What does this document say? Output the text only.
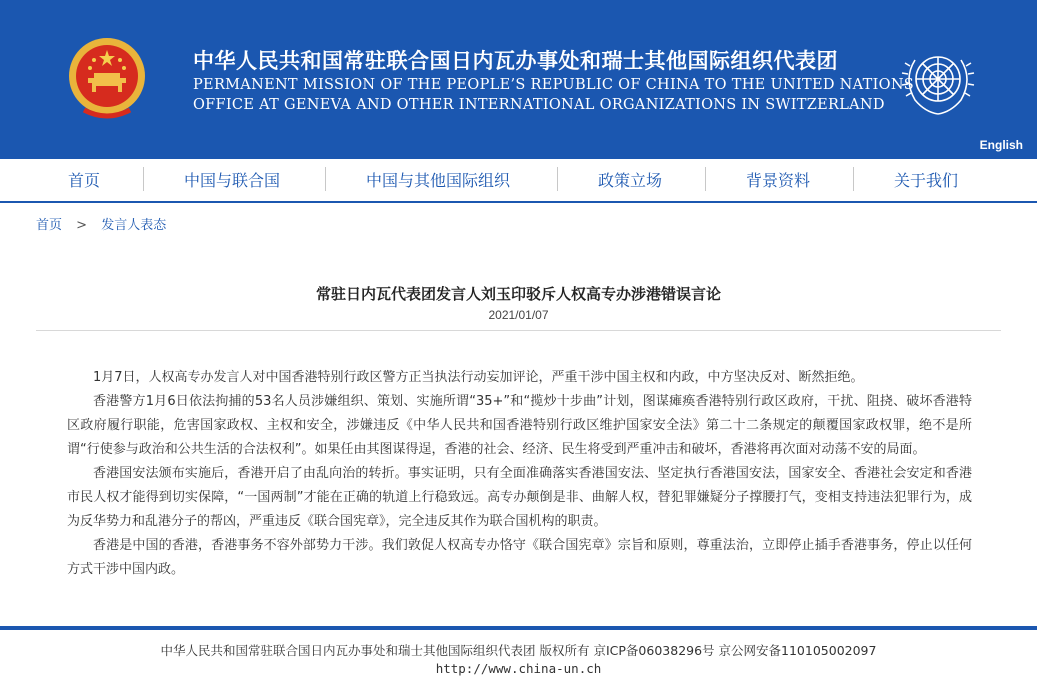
中华人民共和国常驻联合国日内瓦办事处和瑞士其他国际组织代表团
PERMANENT MISSION OF THE PEOPLE’S REPUBLIC OF CHINA TO THE UNITED NATIONS
OFFICE AT GENEVA AND OTHER INTERNATIONAL ORGANIZATIONS IN SWITZERLAND
English
首页	中国与联合国	中国与其他国际组织	政策立场	背景资料	关于我们
首页 > 发言人表态
常驻日内瓦代表团发言人刘玉印驳斥人权高专办涉港错误言论
2021/01/07

1月7日，人权高专办发言人对中国香港特别行政区警方正当执法行动妄加评论，严重干涉中国主权和内政，中方坚决反对、断然拒绝。

香港警方1月6日依法拘捕的53名人员涉嫌组织、策划、实施所谓“35+”和“揽炒十步曲”计划，图谋瘫痪香港特别行政区政府，干扰、阻挠、破坏香港特区政府履行职能，危害国家政权、主权和安全，涉嫌违反《中华人民共和国香港特别行政区维护国家安全法》第二十二条规定的颠覆国家政权罪，绝不是所谓“行使参与政治和公共生活的合法权利”。如果任由其图谋得逞，香港的社会、经济、民生将受到严重冲击和破坏，香港将再次面对动荡不安的局面。

香港国安法颁布实施后，香港开启了由乱向治的转折。事实证明，只有全面准确落实香港国安法、坚定执行香港国安法，国家安全、香港社会安定和香港市民人权才能得到切实保障，“一国两制”才能在正确的轨道上行稳致远。高专办颠倒是非、曲解人权，替犯罪嫌疑分子撑腰打气，变相支持违法犯罪行为，成为反华势力和乱港分子的帮凶，严重违反《联合国宪章》，完全违反其作为联合国机构的职责。

香港是中国的香港，香港事务不容外部势力干涉。我们敦促人权高专办恪守《联合国宪章》宗旨和原则，尊重法治，立即停止插手香港事务，停止以任何方式干涉中国内政。

中华人民共和国常驻联合国日内瓦办事处和瑞士其他国际组织代表团 版权所有 京ICP备06038296号 京公网安备110105002097
http://www.china-un.ch
